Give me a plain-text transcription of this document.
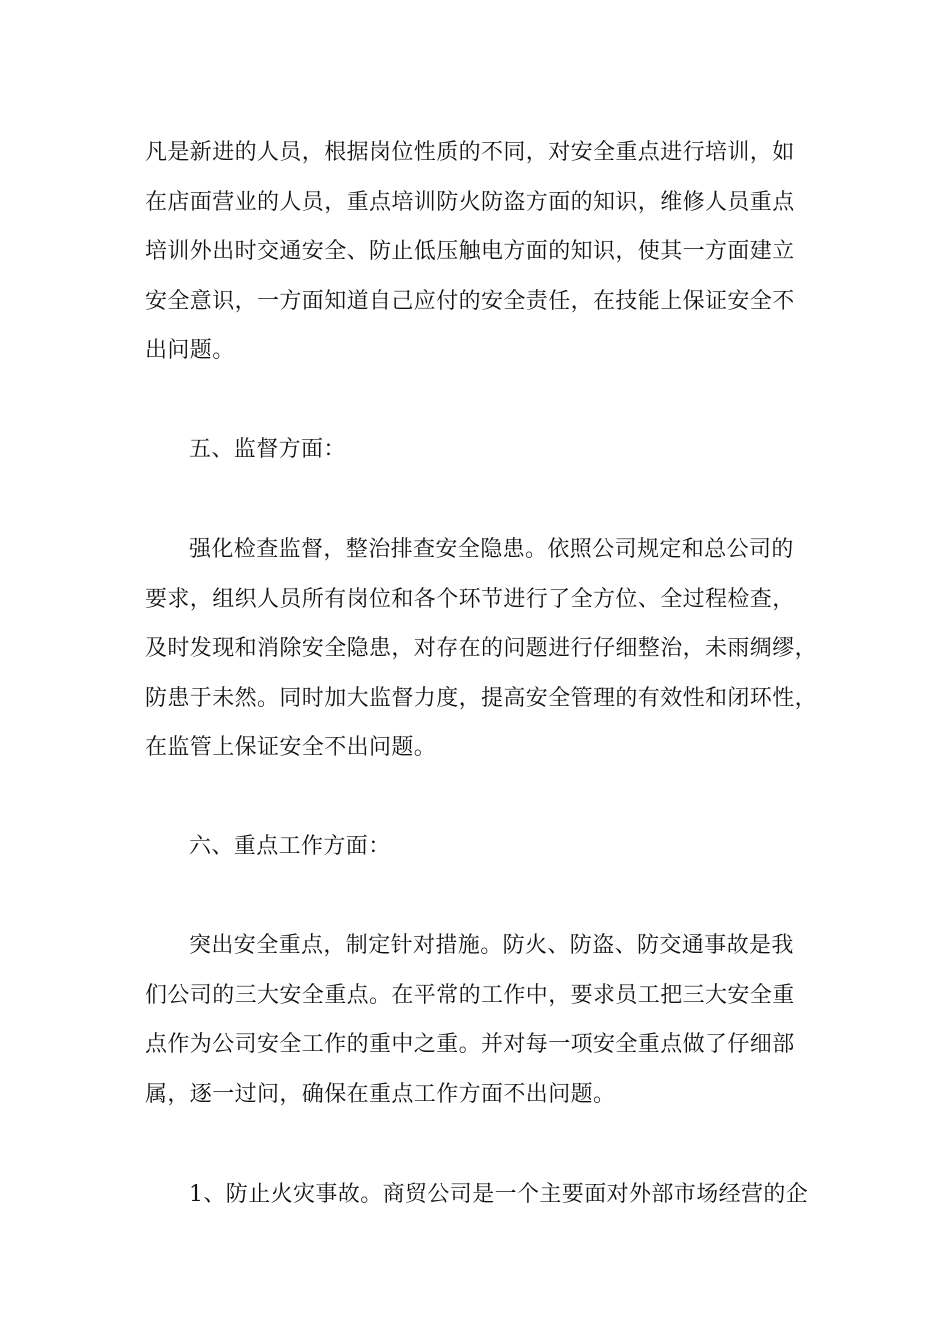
凡是新进的人员，根据岗位性质的不同，对安全重点进行培训，如
在店面营业的人员，重点培训防火防盗方面的知识，维修人员重点
培训外出时交通安全、防止低压触电方面的知识，使其一方面建立
安全意识，一方面知道自己应付的安全责任，在技能上保证安全不
出问题。
五、监督方面：
强化检查监督，整治排查安全隐患。依照公司规定和总公司的
要求，组织人员所有岗位和各个环节进行了全方位、全过程检查，
及时发现和消除安全隐患，对存在的问题进行仔细整治，未雨绸缪，
防患于未然。同时加大监督力度，提高安全管理的有效性和闭环性，
在监管上保证安全不出问题。
六、重点工作方面：
突出安全重点，制定针对措施。防火、防盗、防交通事故是我
们公司的三大安全重点。在平常的工作中，要求员工把三大安全重
点作为公司安全工作的重中之重。并对每一项安全重点做了仔细部
属，逐一过问，确保在重点工作方面不出问题。
1、防止火灾事故。商贸公司是一个主要面对外部市场经营的企
